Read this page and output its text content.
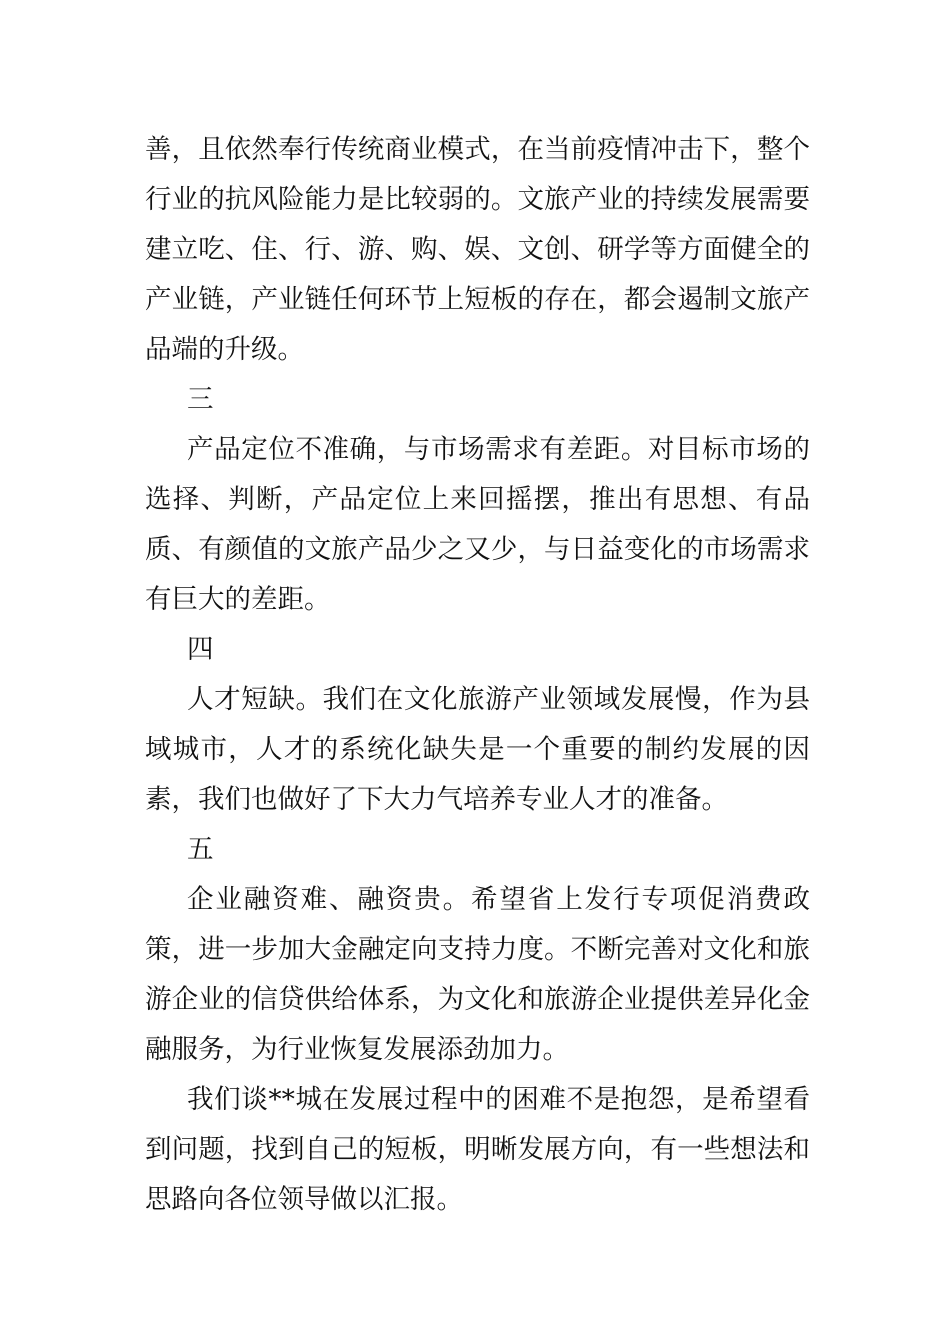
善，且依然奉行传统商业模式，在当前疫情冲击下，整个行业的抗风险能力是比较弱的。文旅产业的持续发展需要建立吃、住、行、游、购、娱、文创、研学等方面健全的产业链，产业链任何环节上短板的存在，都会遏制文旅产品端的升级。

三

产品定位不准确，与市场需求有差距。对目标市场的选择、判断，产品定位上来回摇摆，推出有思想、有品质、有颜值的文旅产品少之又少，与日益变化的市场需求有巨大的差距。

四

人才短缺。我们在文化旅游产业领域发展慢，作为县域城市，人才的系统化缺失是一个重要的制约发展的因素，我们也做好了下大力气培养专业人才的准备。

五

企业融资难、融资贵。希望省上发行专项促消费政策，进一步加大金融定向支持力度。不断完善对文化和旅游企业的信贷供给体系，为文化和旅游企业提供差异化金融服务，为行业恢复发展添劲加力。

我们谈**城在发展过程中的困难不是抱怨，是希望看到问题，找到自己的短板，明晰发展方向，有一些想法和思路向各位领导做以汇报。
